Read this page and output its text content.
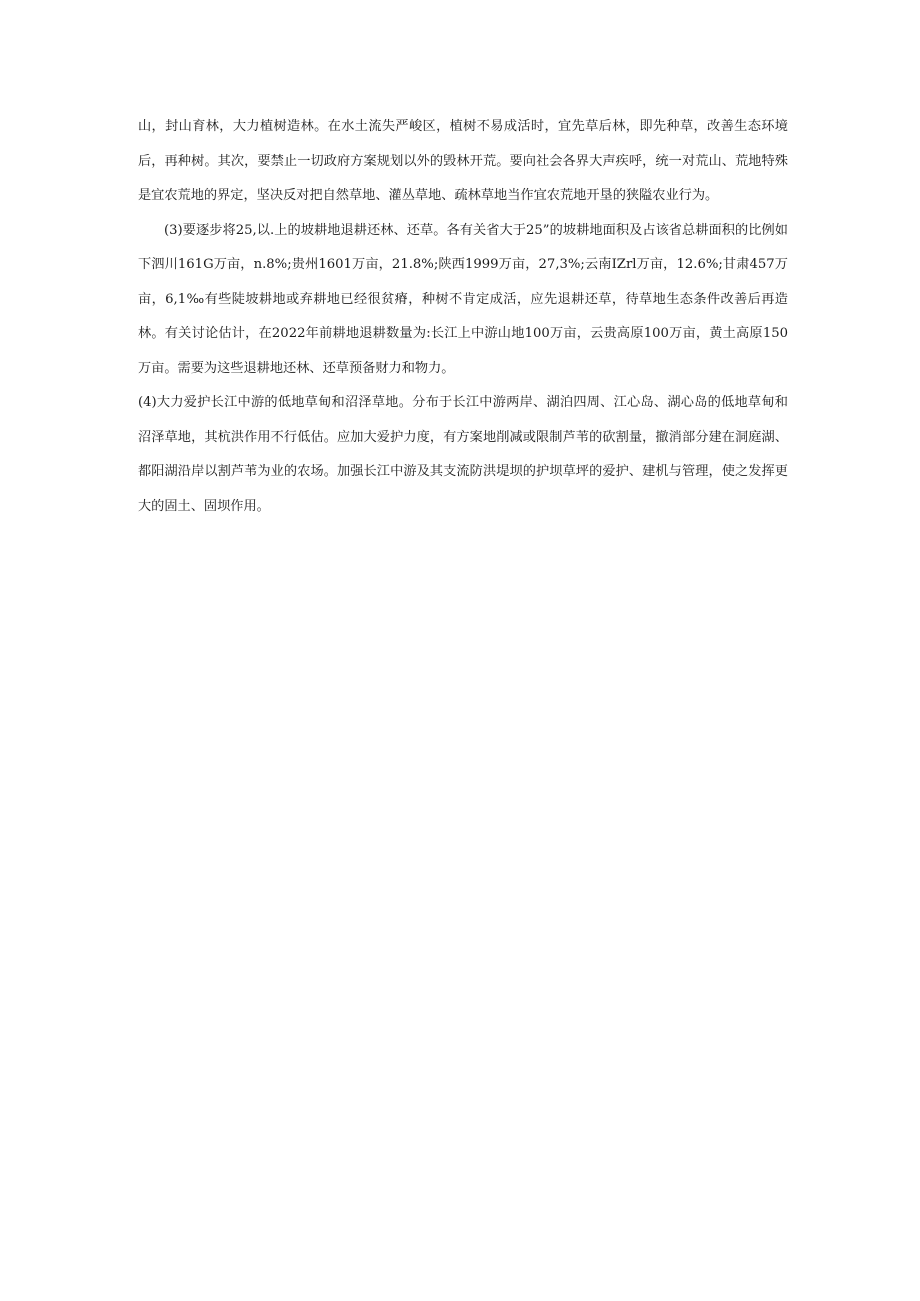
山，封山育林，大力植树造林。在水土流失严峻区，植树不易成活时，宜先草后林，即先种草，改善生态环境后，再种树。其次，要禁止一切政府方案规划以外的毁林开荒。要向社会各界大声疾呼，统一对荒山、荒地特殊是宜农荒地的界定，坚决反对把自然草地、灌丛草地、疏林草地当作宜农荒地开垦的狭隘农业行为。

(3)要逐步将25,以.上的坡耕地退耕还林、还草。各有关省大于25”的坡耕地面积及占该省总耕面积的比例如下泗川161G万亩，n.8%;贵州1601万亩，21.8%;陕西1999万亩，27,3%;云南IZrl万亩，12.6%;甘肃457万亩，6,1‰有些陡坡耕地或弃耕地已经很贫瘠，种树不肯定成活，应先退耕还草，待草地生态条件改善后再造林。有关讨论估计，在2022年前耕地退耕数量为:长江上中游山地100万亩，云贵高原100万亩，黄土高原150万亩。需要为这些退耕地还林、还草预备财力和物力。

(4)大力爱护长江中游的低地草甸和沼泽草地。分布于长江中游两岸、湖泊四周、江心岛、湖心岛的低地草甸和沼泽草地，其杭洪作用不行低估。应加大爱护力度，有方案地削减或限制芦苇的砍割量，撤消部分建在洞庭湖、都阳湖沿岸以割芦苇为业的农场。加强长江中游及其支流防洪堤坝的护坝草坪的爱护、建机与管理，使之发挥更大的固土、固坝作用。
